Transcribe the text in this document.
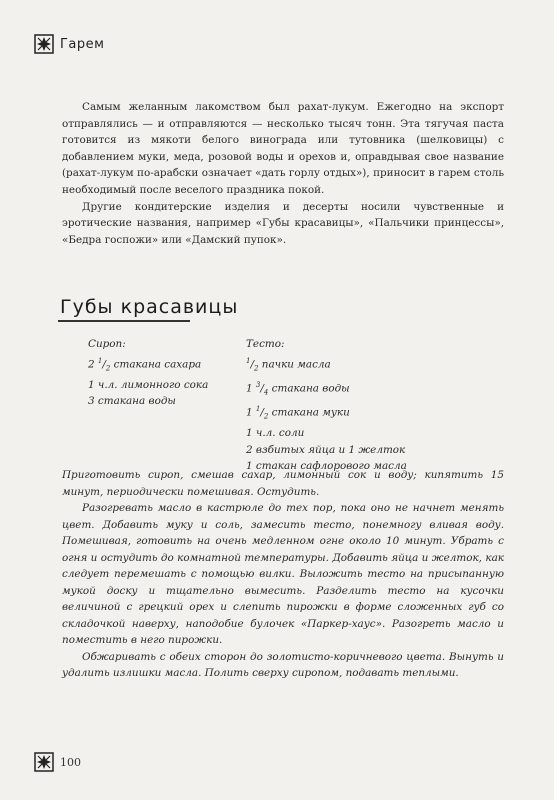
Гарем

Самым желанным лакомством был рахат-лукум. Ежегодно на экспорт отправлялись — и отправляются — несколько тысяч тонн. Эта тягучая паста готовится из мякоти белого винограда или тутовника (шелковицы) с добавлением муки, меда, розовой воды и орехов и, оправдывая свое название (рахат-лукум по-арабски означает «дать горлу отдых»), приносит в гарем столь необходимый после веселого праздника покой.

Другие кондитерские изделия и десерты носили чувственные и эротические названия, например «Губы красавицы», «Пальчики принцессы», «Бедра госпожи» или «Дамский пупок».

Губы красавицы
Сироп:
2 $^1/_2$ стакана сахара
1 ч.л. лимонного сока
3 стакана воды
Тесто:
$^1/_2$ пачки масла
1 $^3/_4$ стакана воды
1 $^1/_2$ стакана муки
1 ч.л. соли
2 взбитых яйца и 1 желток
1 стакан сафлорового масла

Приготовить сироп, смешав сахар, лимонный сок и воду; кипятить 15 минут, периодически помешивая. Остудить.

Разогревать масло в кастрюле до тех пор, пока оно не начнет менять цвет. Добавить муку и соль, замесить тесто, понемногу вливая воду. Помешивая, готовить на очень медленном огне около 10 минут. Убрать с огня и остудить до комнатной температуры. Добавить яйца и желток, как следует перемешать с помощью вилки. Выложить тесто на присыпанную мукой доску и тщательно вымесить. Разделить тесто на кусочки величиной с грецкий орех и слепить пирожки в форме сложенных губ со складочкой наверху, наподобие булочек «Паркер-хаус». Разогреть масло и поместить в него пирожки.

Обжаривать с обеих сторон до золотисто-коричневого цвета. Вынуть и удалить излишки масла. Полить сверху сиропом, подавать теплыми.

100
